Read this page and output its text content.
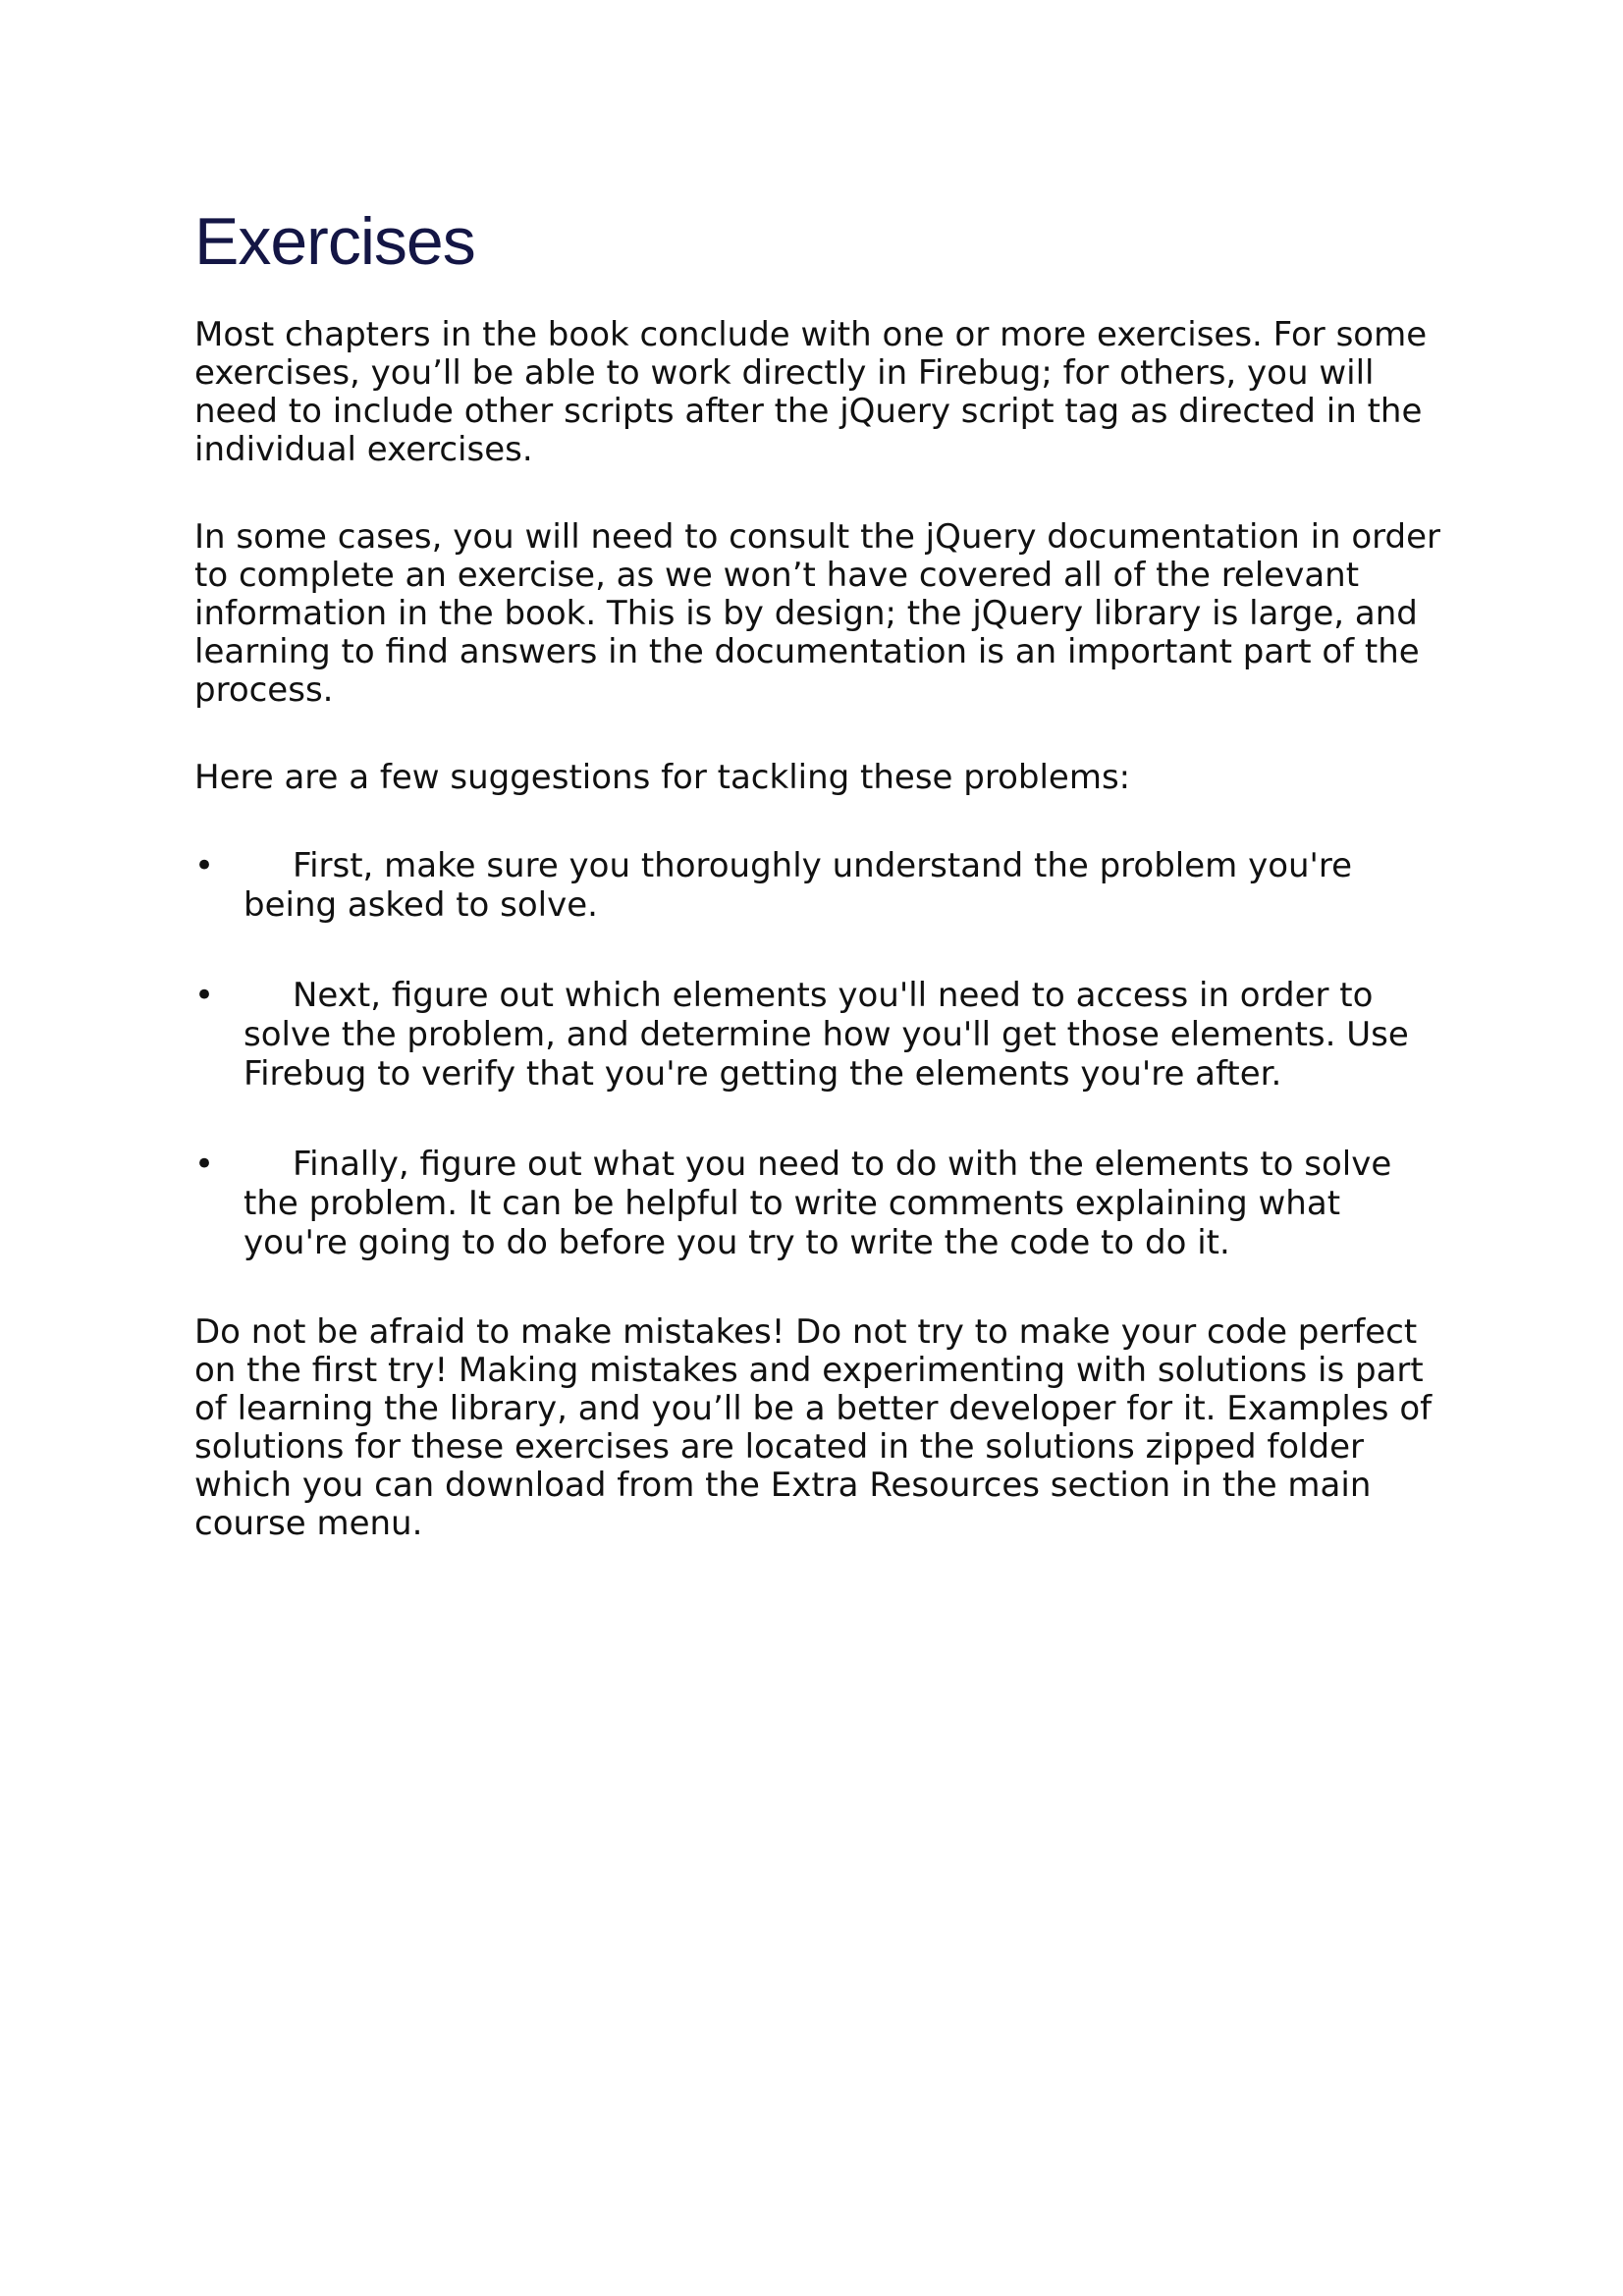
Exercises

Most chapters in the book conclude with one or more exercises. For some exercises, you’ll be able to work directly in Firebug; for others, you will need to include other scripts after the jQuery script tag as directed in the individual exercises.

In some cases, you will need to consult the jQuery documentation in order to complete an exercise, as we won’t have covered all of the relevant information in the book. This is by design; the jQuery library is large, and learning to find answers in the documentation is an important part of the process.

Here are a few suggestions for tackling these problems:

•	First, make sure you thoroughly understand the problem you're being asked to solve.
•	Next, figure out which elements you'll need to access in order to solve the problem, and determine how you'll get those elements. Use Firebug to verify that you're getting the elements you're after.
•	Finally, figure out what you need to do with the elements to solve the problem. It can be helpful to write comments explaining what you're going to do before you try to write the code to do it.

Do not be afraid to make mistakes! Do not try to make your code perfect on the first try! Making mistakes and experimenting with solutions is part of learning the library, and you’ll be a better developer for it. Examples of solutions for these exercises are located in the solutions zipped folder which you can download from the Extra Resources section in the main course menu.
